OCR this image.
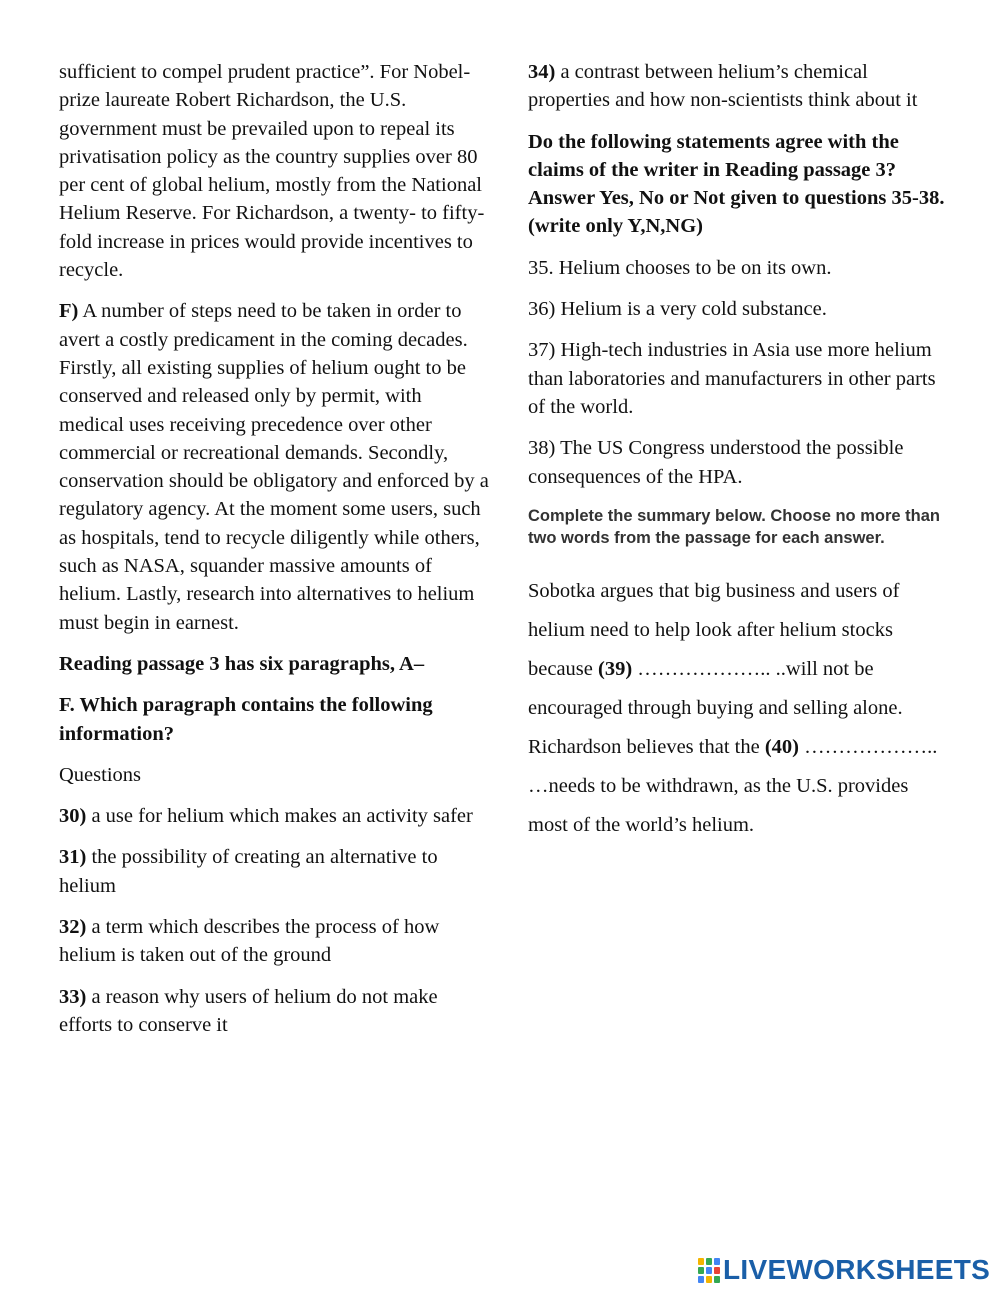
sufficient to compel prudent practice”. For Nobel-prize laureate Robert Richardson, the U.S. government must be prevailed upon to repeal its privatisation policy as the country supplies over 80 per cent of global helium, mostly from the National Helium Reserve. For Richardson, a twenty- to fifty-fold increase in prices would provide incentives to recycle.

F) A number of steps need to be taken in order to avert a costly predicament in the coming decades. Firstly, all existing supplies of helium ought to be conserved and released only by permit, with medical uses receiving precedence over other commercial or recreational demands. Secondly, conservation should be obligatory and enforced by a regulatory agency. At the moment some users, such as hospitals, tend to recycle diligently while others, such as NASA, squander massive amounts of helium. Lastly, research into alternatives to helium must begin in earnest.

Reading passage 3 has six paragraphs, A–

F. Which paragraph contains the following information?

Questions

30) a use for helium which makes an activity safer

31) the possibility of creating an alternative to helium

32) a term which describes the process of how helium is taken out of the ground

33) a reason why users of helium do not make efforts to conserve it

34) a contrast between helium’s chemical properties and how non-scientists think about it

Do the following statements agree with the claims of the writer in Reading passage 3? Answer Yes, No or Not given to questions 35-38. (write only Y,N,NG)

35. Helium chooses to be on its own.

36) Helium is a very cold substance.

37) High-tech industries in Asia use more helium than laboratories and manufacturers in other parts of the world.

38) The US Congress understood the possible consequences of the HPA.

Complete the summary below. Choose no more than two words from the passage for each answer.

Sobotka argues that big business and users of helium need to help look after helium stocks because (39) ……………….. ..will not be encouraged through buying and selling alone. Richardson believes that the (40) ……………….. …needs to be withdrawn, as the U.S. provides most of the world’s helium.

LIVEWORKSHEETS
